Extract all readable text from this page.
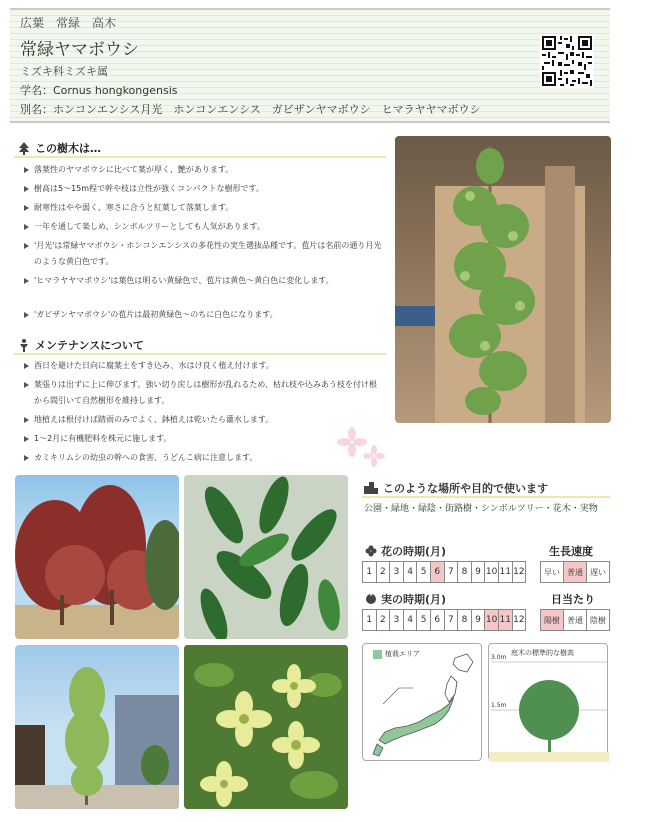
広葉　常緑　高木
常緑ヤマボウシ
ミズキ科ミズキ属
学名：Cornus hongkongensis
別名：ホンコンエンシス月光　ホンコンエンシス　ガビザンヤマボウシ　ヒマラヤヤマボウシ
この樹木は…
落葉性のヤマボウシに比べて葉が厚く、艶があります。
樹高は5～15m程で幹や枝は立性が強くコンパクトな樹形です。
耐寒性はやや弱く、寒さに合うと紅葉して落葉します。
一年を通して楽しめ、シンボルツリーとしても人気があります。
'月光'は常緑ヤマボウシ・ホンコンエンシスの多花性の実生選抜品種です。苞片は名前の通り月光のような黄白色です。
'ヒマラヤヤマボウシ'は葉色は明るい黄緑色で、苞片は黄色～黄白色に変化します。
'ガビザンヤマボウシ'の苞片は最初黄緑色～のちに白色になります。
メンテナンスについて
西日を避けた日向に腐葉土をすき込み、水はけ良く植え付けます。
葉張りは出ずに上に伸びます。強い切り戻しは樹形が乱れるため、枯れ枝や込みあう枝を付け根から間引いて自然樹形を維持します。
地植えは根付けば踏雨のみでよく、鉢植えは乾いたら灌水します。
1～2月に有機肥料を株元に施します。
カミキリムシの幼虫の幹への食害、うどんこ病に注意します。
このような場所や目的で使います
公園・緑地・緑陰・街路樹・シンボルツリー・花木・実物
花の時期(月)	生長速度
1 2 3 4 5 6 7 8 9 10 11 12	早い 普通 遅い
実の時期(月)	日当たり
1 2 3 4 5 6 7 8 9 10 11 12	陽樹 普通 陰樹
植栽エリア	庭木の標準的な樹高
3.0m
1.5m
